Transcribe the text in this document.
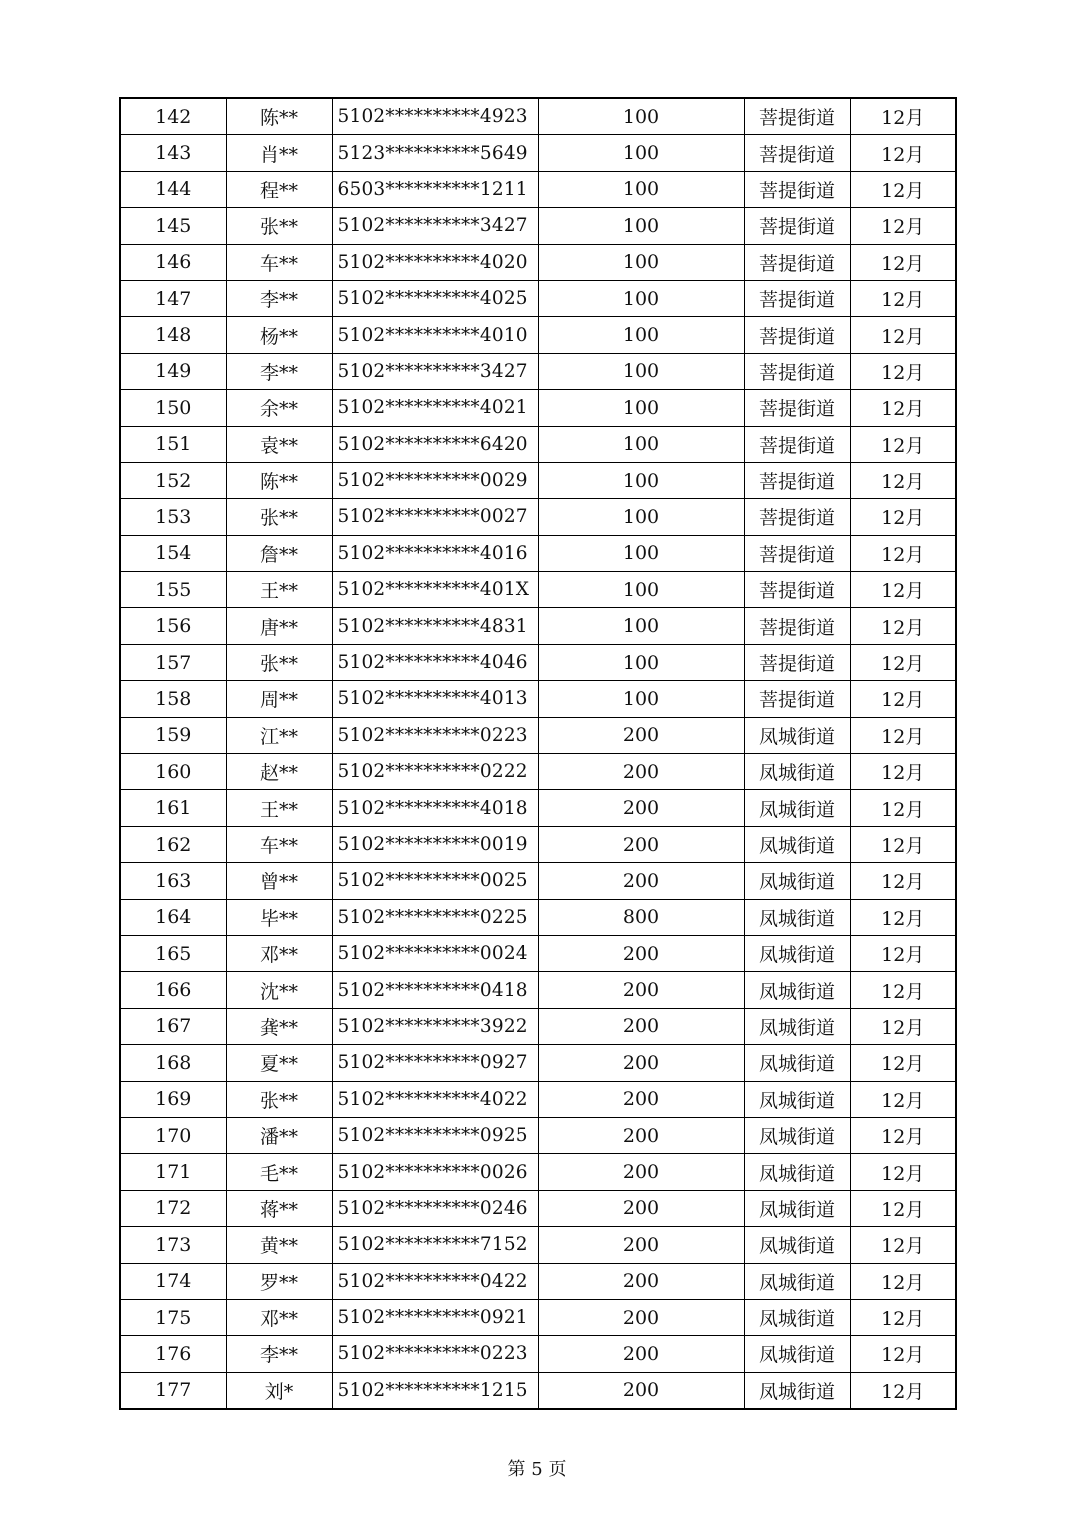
142	陈**	5102**********4923	100	菩提街道	12月
143	肖**	5123**********5649	100	菩提街道	12月
144	程**	6503**********1211	100	菩提街道	12月
145	张**	5102**********3427	100	菩提街道	12月
146	车**	5102**********4020	100	菩提街道	12月
147	李**	5102**********4025	100	菩提街道	12月
148	杨**	5102**********4010	100	菩提街道	12月
149	李**	5102**********3427	100	菩提街道	12月
150	余**	5102**********4021	100	菩提街道	12月
151	袁**	5102**********6420	100	菩提街道	12月
152	陈**	5102**********0029	100	菩提街道	12月
153	张**	5102**********0027	100	菩提街道	12月
154	詹**	5102**********4016	100	菩提街道	12月
155	王**	5102**********401X	100	菩提街道	12月
156	唐**	5102**********4831	100	菩提街道	12月
157	张**	5102**********4046	100	菩提街道	12月
158	周**	5102**********4013	100	菩提街道	12月
159	江**	5102**********0223	200	凤城街道	12月
160	赵**	5102**********0222	200	凤城街道	12月
161	王**	5102**********4018	200	凤城街道	12月
162	车**	5102**********0019	200	凤城街道	12月
163	曾**	5102**********0025	200	凤城街道	12月
164	毕**	5102**********0225	800	凤城街道	12月
165	邓**	5102**********0024	200	凤城街道	12月
166	沈**	5102**********0418	200	凤城街道	12月
167	龚**	5102**********3922	200	凤城街道	12月
168	夏**	5102**********0927	200	凤城街道	12月
169	张**	5102**********4022	200	凤城街道	12月
170	潘**	5102**********0925	200	凤城街道	12月
171	毛**	5102**********0026	200	凤城街道	12月
172	蒋**	5102**********0246	200	凤城街道	12月
173	黄**	5102**********7152	200	凤城街道	12月
174	罗**	5102**********0422	200	凤城街道	12月
175	邓**	5102**********0921	200	凤城街道	12月
176	李**	5102**********0223	200	凤城街道	12月
177	刘*	5102**********1215	200	凤城街道	12月
第 5 页
